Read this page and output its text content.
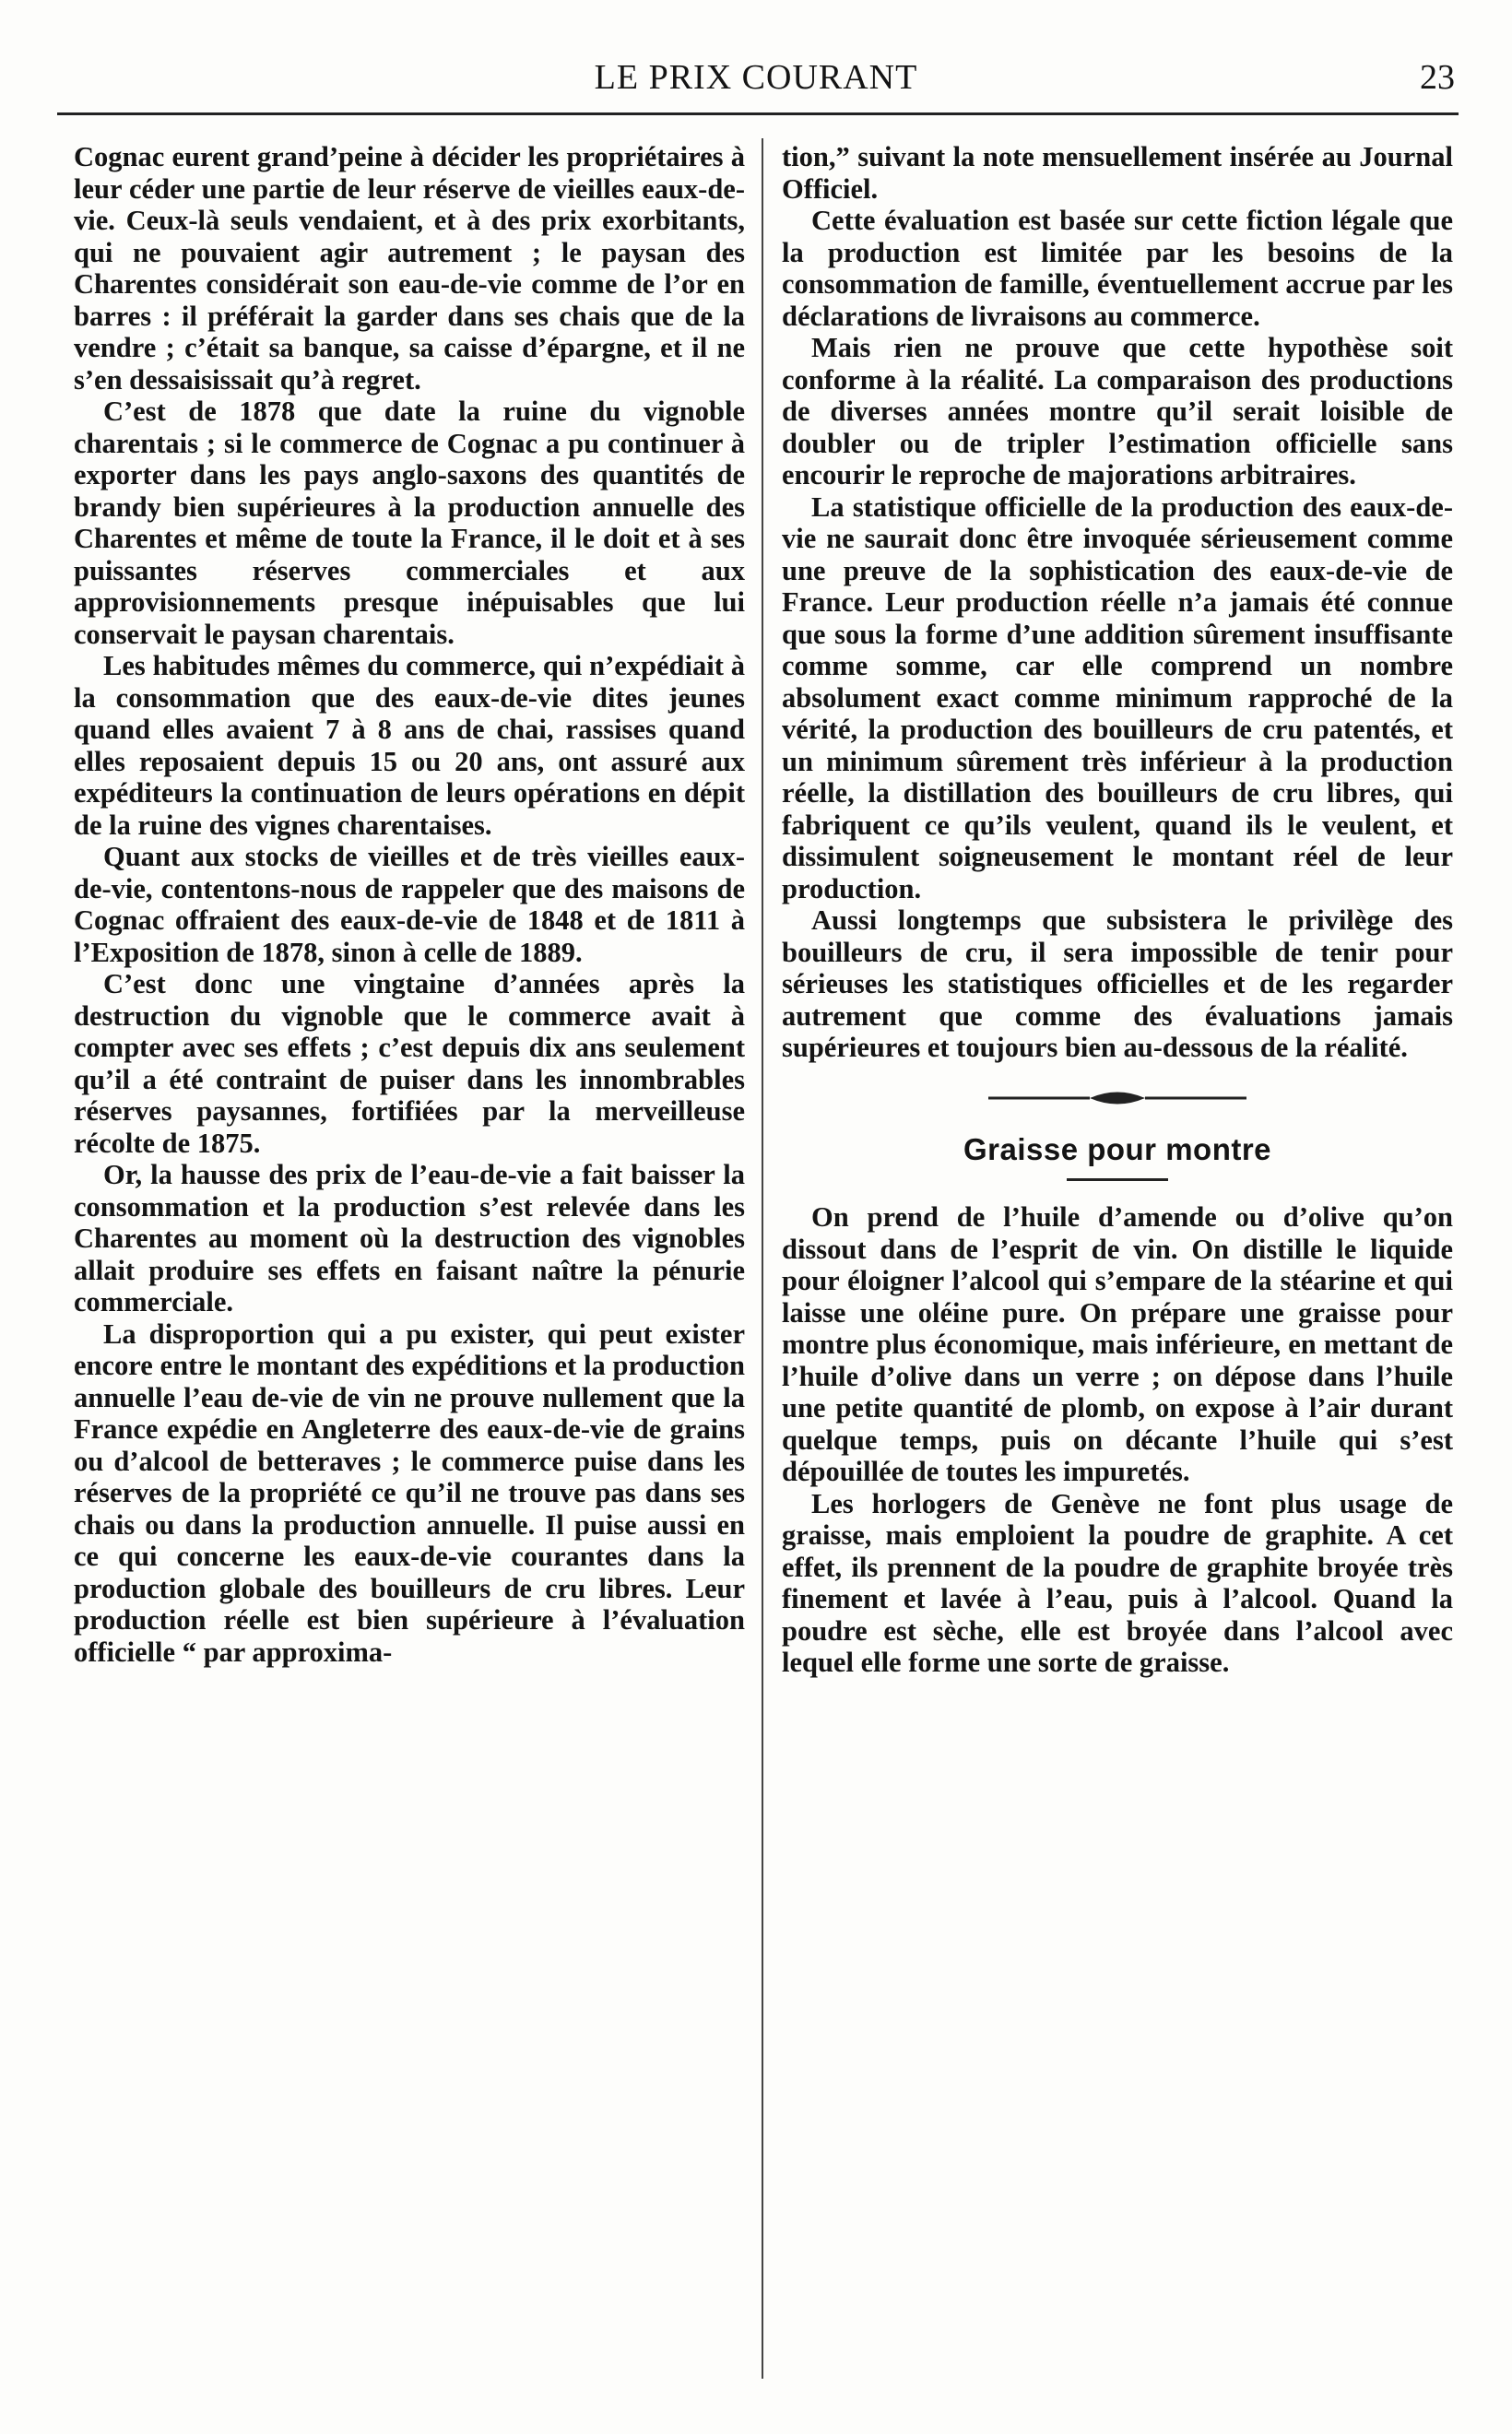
LE PRIX COURANT	23

Cognac eurent grand’peine à décider les propriétaires à leur céder une partie de leur réserve de vieilles eaux-de-vie. Ceux-là seuls vendaient, et à des prix exorbitants, qui ne pouvaient agir autrement ; le paysan des Charentes considérait son eau-de-vie comme de l’or en barres : il préférait la garder dans ses chais que de la vendre ; c’était sa banque, sa caisse d’épargne, et il ne s’en dessaisissait qu’à regret.

C’est de 1878 que date la ruine du vignoble charentais ; si le commerce de Cognac a pu continuer à exporter dans les pays anglo-saxons des quantités de brandy bien supérieures à la production annuelle des Charentes et même de toute la France, il le doit et à ses puissantes réserves commerciales et aux approvisionnements presque inépuisables que lui conservait le paysan charentais.

Les habitudes mêmes du commerce, qui n’expédiait à la consommation que des eaux-de-vie dites jeunes quand elles avaient 7 à 8 ans de chai, rassises quand elles reposaient depuis 15 ou 20 ans, ont assuré aux expéditeurs la continuation de leurs opérations en dépit de la ruine des vignes charentaises.

Quant aux stocks de vieilles et de très vieilles eaux-de-vie, contentons-nous de rappeler que des maisons de Cognac offraient des eaux-de-vie de 1848 et de 1811 à l’Exposition de 1878, sinon à celle de 1889.

C’est donc une vingtaine d’années après la destruction du vignoble que le commerce avait à compter avec ses effets ; c’est depuis dix ans seulement qu’il a été contraint de puiser dans les innombrables réserves paysannes, fortifiées par la merveilleuse récolte de 1875.

Or, la hausse des prix de l’eau-de-vie a fait baisser la consommation et la production s’est relevée dans les Charentes au moment où la destruction des vignobles allait produire ses effets en faisant naître la pénurie commerciale.

La disproportion qui a pu exister, qui peut exister encore entre le montant des expéditions et la production annuelle l’eau de-vie de vin ne prouve nullement que la France expédie en Angleterre des eaux-de-vie de grains ou d’alcool de betteraves ; le commerce puise dans les réserves de la propriété ce qu’il ne trouve pas dans ses chais ou dans la production annuelle. Il puise aussi en ce qui concerne les eaux-de-vie courantes dans la production globale des bouilleurs de cru libres. Leur production réelle est bien supérieure à l’évaluation officielle “ par approxima-

tion,” suivant la note mensuellement insérée au Journal Officiel.

Cette évaluation est basée sur cette fiction légale que la production est limitée par les besoins de la consommation de famille, éventuellement accrue par les déclarations de livraisons au commerce.

Mais rien ne prouve que cette hypothèse soit conforme à la réalité. La comparaison des productions de diverses années montre qu’il serait loisible de doubler ou de tripler l’estimation officielle sans encourir le reproche de majorations arbitraires.

La statistique officielle de la production des eaux-de-vie ne saurait donc être invoquée sérieusement comme une preuve de la sophistication des eaux-de-vie de France. Leur production réelle n’a jamais été connue que sous la forme d’une addition sûrement insuffisante comme somme, car elle comprend un nombre absolument exact comme minimum rapproché de la vérité, la production des bouilleurs de cru patentés, et un minimum sûrement très inférieur à la production réelle, la distillation des bouilleurs de cru libres, qui fabriquent ce qu’ils veulent, quand ils le veulent, et dissimulent soigneusement le montant réel de leur production.

Aussi longtemps que subsistera le privilège des bouilleurs de cru, il sera impossible de tenir pour sérieuses les statistiques officielles et de les regarder autrement que comme des évaluations jamais supérieures et toujours bien au-dessous de la réalité.

Graisse pour montre

On prend de l’huile d’amende ou d’olive qu’on dissout dans de l’esprit de vin. On distille le liquide pour éloigner l’alcool qui s’empare de la stéarine et qui laisse une oléine pure. On prépare une graisse pour montre plus économique, mais inférieure, en mettant de l’huile d’olive dans un verre ; on dépose dans l’huile une petite quantité de plomb, on expose à l’air durant quelque temps, puis on décante l’huile qui s’est dépouillée de toutes les impuretés.

Les horlogers de Genève ne font plus usage de graisse, mais emploient la poudre de graphite. A cet effet, ils prennent de la poudre de graphite broyée très finement et lavée à l’eau, puis à l’alcool. Quand la poudre est sèche, elle est broyée dans l’alcool avec lequel elle forme une sorte de graisse.
